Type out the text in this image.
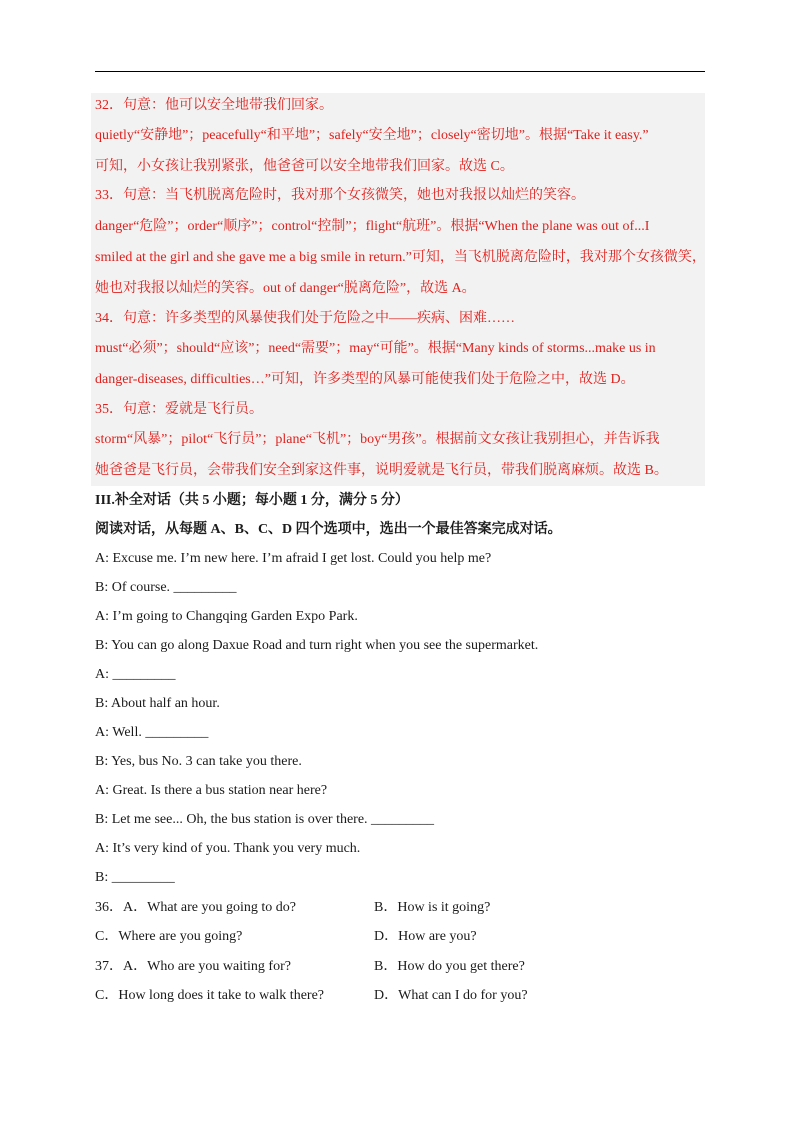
32．句意：他可以安全地带我们回家。
quietly“安静地”；peacefully“和平地”；safely“安全地”；closely“密切地”。根据“Take it easy.”
可知，小女孩让我别紧张，他爸爸可以安全地带我们回家。故选 C。
33．句意：当飞机脱离危险时，我对那个女孩微笑，她也对我报以灿烂的笑容。
danger“危险”；order“顺序”；control“控制”；flight“航班”。根据“When the plane was out of...I
smiled at the girl and she gave me a big smile in return.”可知，当飞机脱离危险时，我对那个女孩微笑，
她也对我报以灿烂的笑容。out of danger“脱离危险”，故选 A。
34．句意：许多类型的风暴使我们处于危险之中——疾病、困难……
must“必须”；should“应该”；need“需要”；may“可能”。根据“Many kinds of storms...make us in
danger-diseases, difficulties…”可知，许多类型的风暴可能使我们处于危险之中，故选 D。
35．句意：爱就是飞行员。
storm“风暴”；pilot“飞行员”；plane“飞机”；boy“男孩”。根据前文女孩让我别担心，并告诉我
她爸爸是飞行员，会带我们安全到家这件事，说明爱就是飞行员，带我们脱离麻烦。故选 B。
III.补全对话（共 5 小题；每小题 1 分，满分 5 分）
阅读对话，从每题 A、B、C、D 四个选项中，选出一个最佳答案完成对话。
A: Excuse me. I’m new here. I’m afraid I get lost. Could you help me?
B: Of course. _________
A: I’m going to Changqing Garden Expo Park.
B: You can go along Daxue Road and turn right when you see the supermarket.
A: _________
B: About half an hour.
A: Well. _________
B: Yes, bus No. 3 can take you there.
A: Great. Is there a bus station near here?
B: Let me see... Oh, the bus station is over there. _________
A: It’s very kind of you. Thank you very much.
B: _________
36．A．What are you going to do?	B．How is it going?
C．Where are you going?	D．How are you?
37．A．Who are you waiting for?	B．How do you get there?
C．How long does it take to walk there?	D．What can I do for you?
